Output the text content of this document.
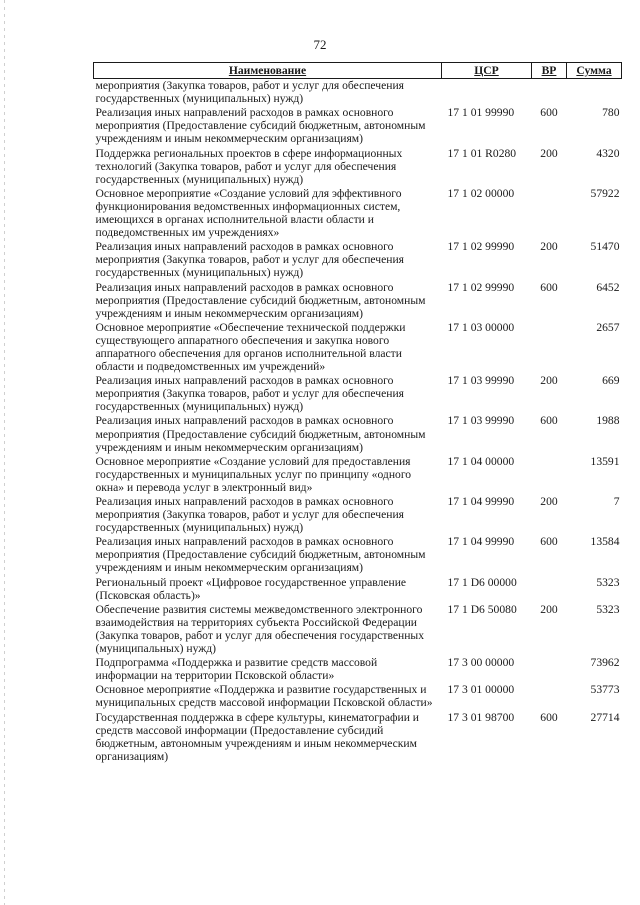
72
Наименование	ЦСР	ВР	Сумма
мероприятия (Закупка товаров, работ и услуг для обеспечения государственных (муниципальных) нужд)			
Реализация иных направлений расходов в рамках основного мероприятия (Предоставление субсидий бюджетным, автономным учреждениям и иным некоммерческим организациям)	17 1 01 99990	600	780
Поддержка региональных проектов в сфере информационных технологий (Закупка товаров, работ и услуг для обеспечения государственных (муниципальных) нужд)	17 1 01 R0280	200	4320
Основное мероприятие «Создание условий для эффективного функционирования ведомственных информационных систем, имеющихся в органах исполнительной власти области и подведомственных им учреждениях»	17 1 02 00000		57922
Реализация иных направлений расходов в рамках основного мероприятия (Закупка товаров, работ и услуг для обеспечения государственных (муниципальных) нужд)	17 1 02 99990	200	51470
Реализация иных направлений расходов в рамках основного мероприятия (Предоставление субсидий бюджетным, автономным учреждениям и иным некоммерческим организациям)	17 1 02 99990	600	6452
Основное мероприятие «Обеспечение технической поддержки существующего аппаратного обеспечения и закупка нового аппаратного обеспечения для органов исполнительной власти области и подведомственных им учреждений»	17 1 03 00000		2657
Реализация иных направлений расходов в рамках основного мероприятия (Закупка товаров, работ и услуг для обеспечения государственных (муниципальных) нужд)	17 1 03 99990	200	669
Реализация иных направлений расходов в рамках основного мероприятия (Предоставление субсидий бюджетным, автономным учреждениям и иным некоммерческим организациям)	17 1 03 99990	600	1988
Основное мероприятие «Создание условий для предоставления государственных и муниципальных услуг по принципу «одного окна» и перевода услуг в электронный вид»	17 1 04 00000		13591
Реализация иных направлений расходов в рамках основного мероприятия (Закупка товаров, работ и услуг для обеспечения государственных (муниципальных) нужд)	17 1 04 99990	200	7
Реализация иных направлений расходов в рамках основного мероприятия (Предоставление субсидий бюджетным, автономным учреждениям и иным некоммерческим организациям)	17 1 04 99990	600	13584
Региональный проект «Цифровое государственное управление (Псковская область)»	17 1 D6 00000		5323
Обеспечение развития системы межведомственного электронного взаимодействия на территориях субъекта Российской Федерации (Закупка товаров, работ и услуг для обеспечения государственных (муниципальных) нужд)	17 1 D6 50080	200	5323
Подпрограмма «Поддержка и развитие средств массовой информации на территории Псковской области»	17 3 00 00000		73962
Основное мероприятие «Поддержка и развитие государственных и муниципальных средств массовой информации Псковской области»	17 3 01 00000		53773
Государственная поддержка в сфере культуры, кинематографии и средств массовой информации (Предоставление субсидий бюджетным, автономным учреждениям и иным некоммерческим организациям)	17 3 01 98700	600	27714
